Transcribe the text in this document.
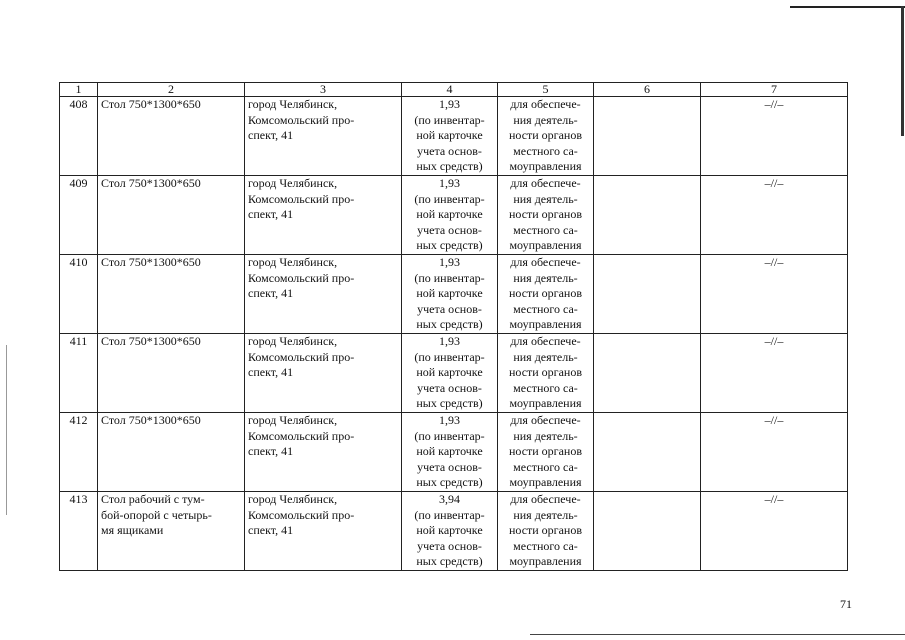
1	2	3	4	5	6	7
408	Стол 750*1300*650	город Челябинск,
Комсомольский про-
спект, 41	1,93
(по инвентар-
ной карточке
учета основ-
ных средств)	для обеспече-
ния деятель-
ности органов
местного са-
моуправления		–//–
409	Стол 750*1300*650	город Челябинск,
Комсомольский про-
спект, 41	1,93
(по инвентар-
ной карточке
учета основ-
ных средств)	для обеспече-
ния деятель-
ности органов
местного са-
моуправления		–//–
410	Стол 750*1300*650	город Челябинск,
Комсомольский про-
спект, 41	1,93
(по инвентар-
ной карточке
учета основ-
ных средств)	для обеспече-
ния деятель-
ности органов
местного са-
моуправления		–//–
411	Стол 750*1300*650	город Челябинск,
Комсомольский про-
спект, 41	1,93
(по инвентар-
ной карточке
учета основ-
ных средств)	для обеспече-
ния деятель-
ности органов
местного са-
моуправления		–//–
412	Стол 750*1300*650	город Челябинск,
Комсомольский про-
спект, 41	1,93
(по инвентар-
ной карточке
учета основ-
ных средств)	для обеспече-
ния деятель-
ности органов
местного са-
моуправления		–//–
413	Стол рабочий с тум-
бой-опорой с четырь-
мя ящиками	город Челябинск,
Комсомольский про-
спект, 41	3,94
(по инвентар-
ной карточке
учета основ-
ных средств)	для обеспече-
ния деятель-
ности органов
местного са-
моуправления		–//–
71
